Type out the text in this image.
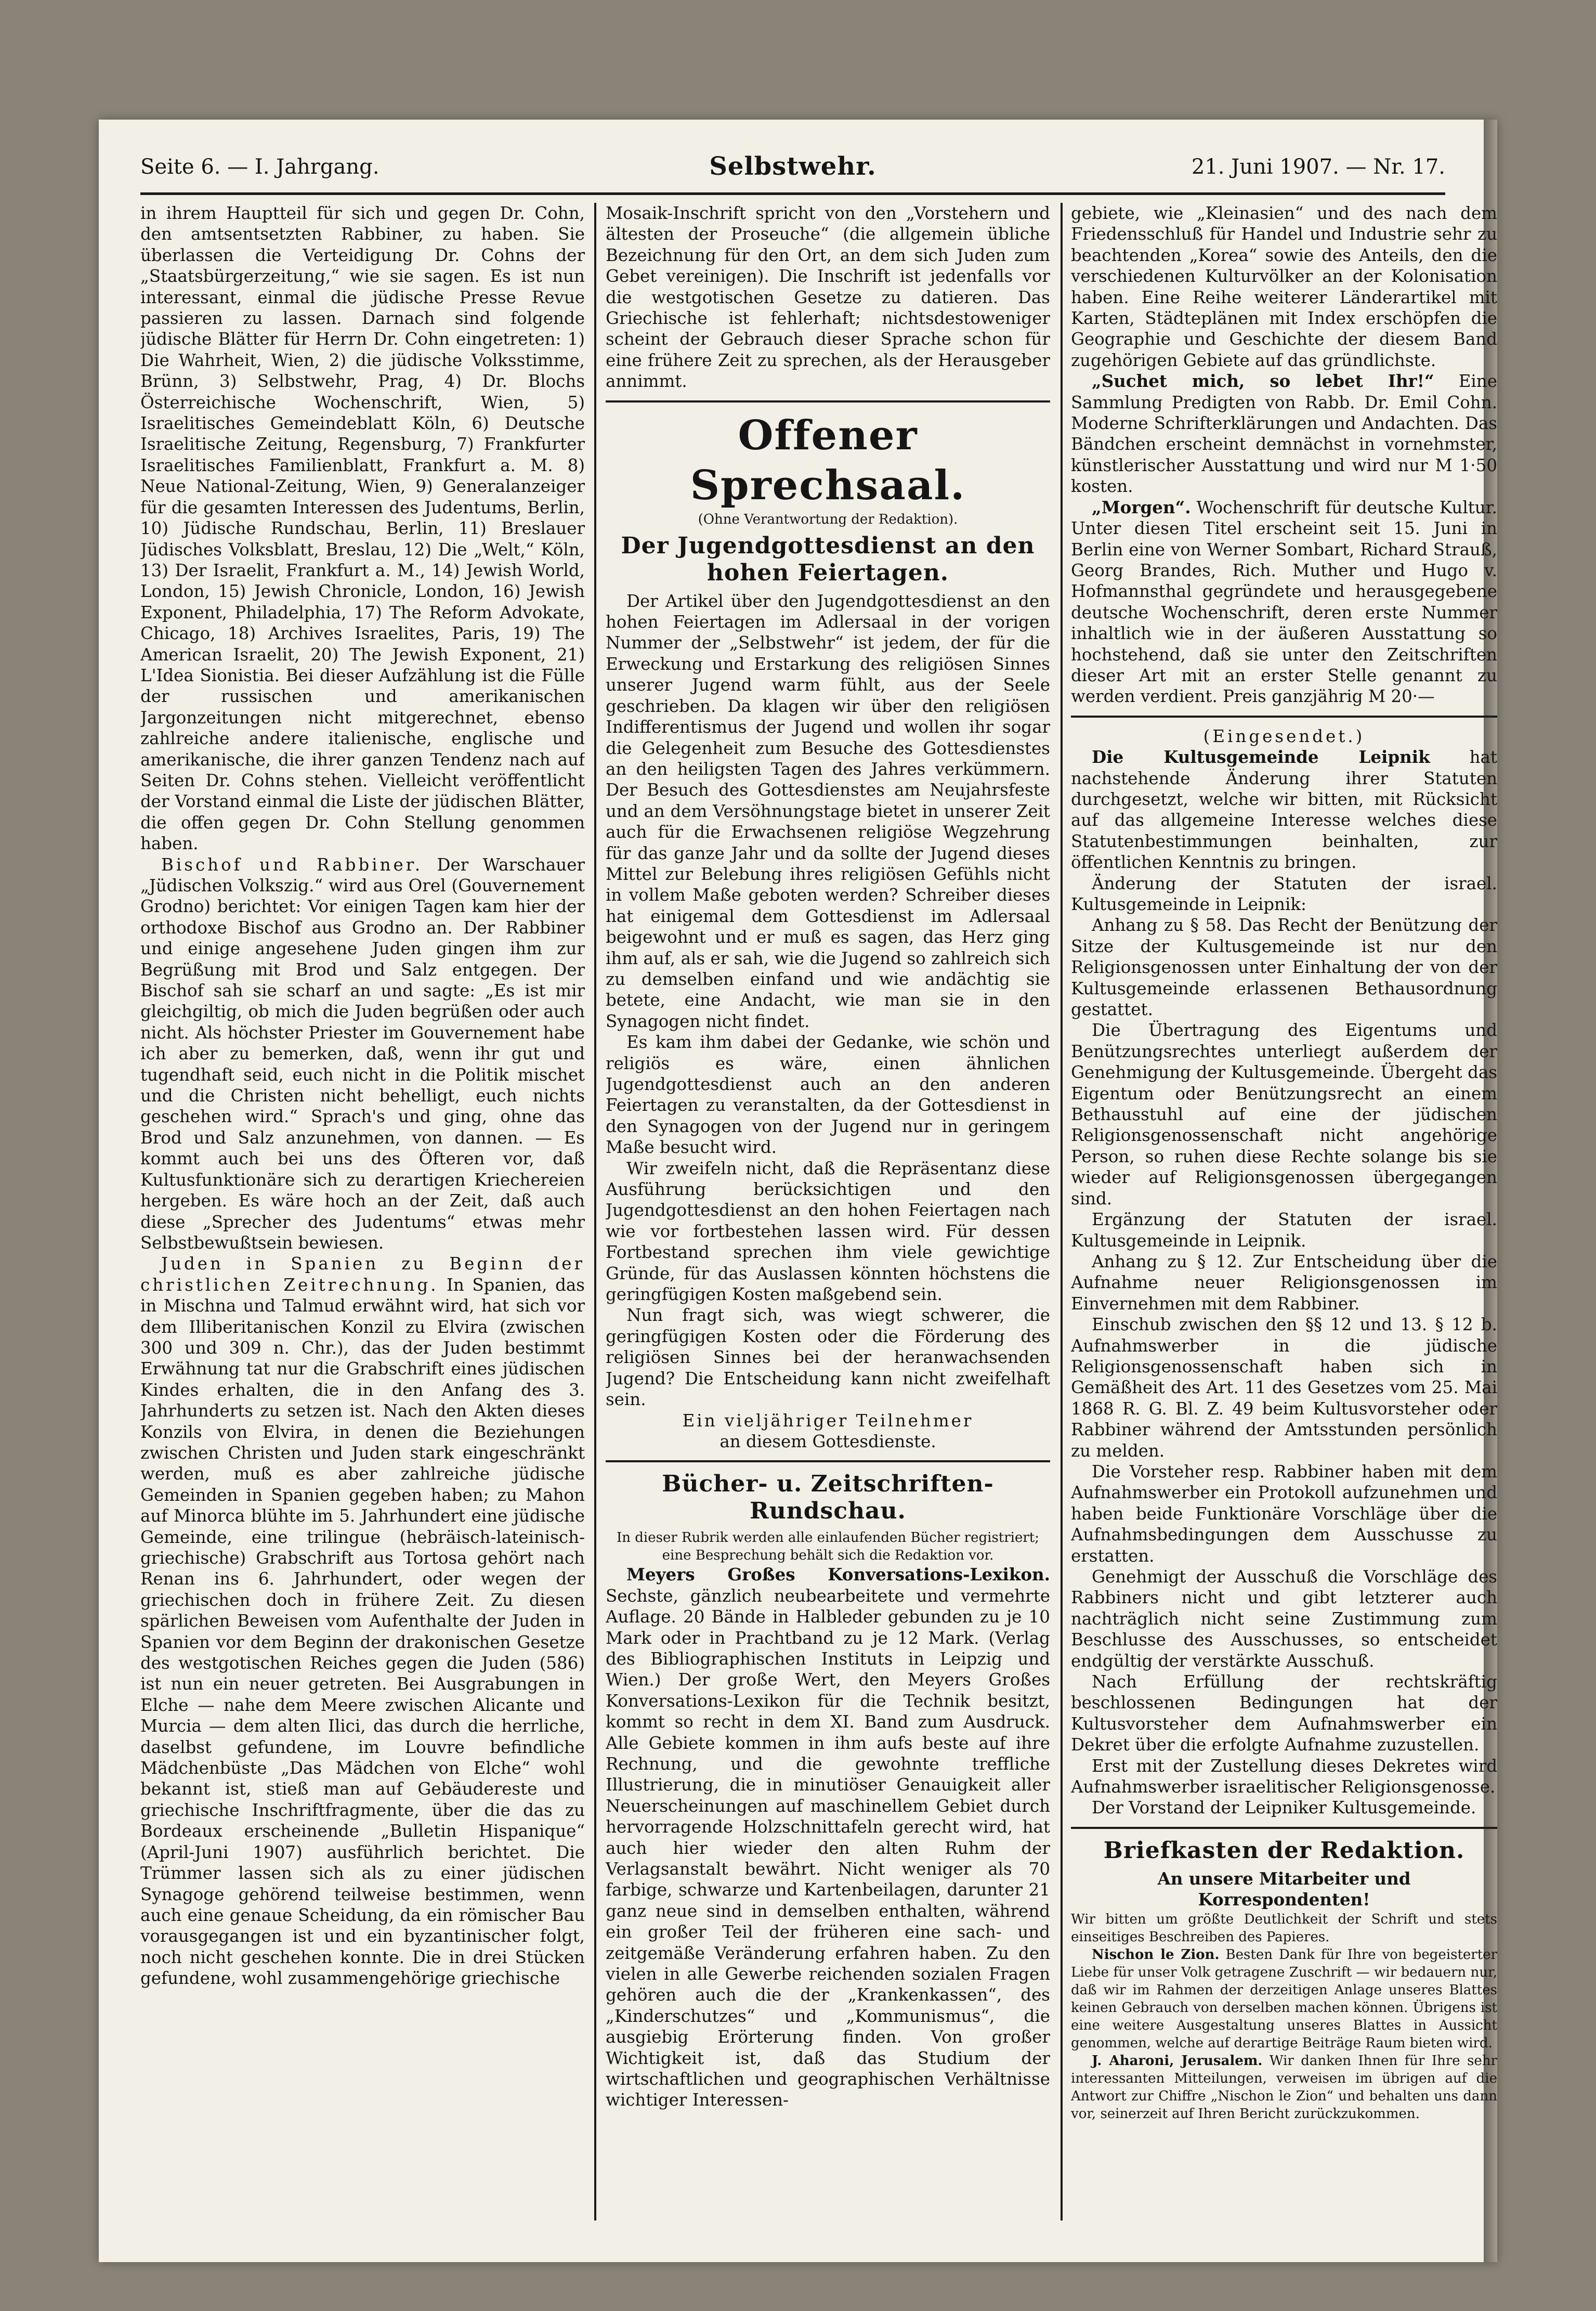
Seite 6. — I. Jahrgang.	Selbstwehr.	21. Juni 1907. — Nr. 17.

in ihrem Hauptteil für sich und gegen Dr. Cohn, den amtsentsetzten Rabbiner, zu haben. Sie überlassen die Verteidigung Dr. Cohns der „Staatsbürgerzeitung,“ wie sie sagen. Es ist nun interessant, einmal die jüdische Presse Revue passieren zu lassen. Darnach sind folgende jüdische Blätter für Herrn Dr. Cohn eingetreten: 1) Die Wahrheit, Wien, 2) die jüdische Volksstimme, Brünn, 3) Selbstwehr, Prag, 4) Dr. Blochs Österreichische Wochenschrift, Wien, 5) Israelitisches Gemeindeblatt Köln, 6) Deutsche Israelitische Zeitung, Regensburg, 7) Frankfurter Israelitisches Familienblatt, Frankfurt a. M. 8) Neue National-Zeitung, Wien, 9) Generalanzeiger für die gesamten Interessen des Judentums, Berlin, 10) Jüdische Rundschau, Berlin, 11) Breslauer Jüdisches Volksblatt, Breslau, 12) Die „Welt,“ Köln, 13) Der Israelit, Frankfurt a. M., 14) Jewish World, London, 15) Jewish Chronicle, London, 16) Jewish Exponent, Philadelphia, 17) The Reform Advokate, Chicago, 18) Archives Israelites, Paris, 19) The American Israelit, 20) The Jewish Exponent, 21) L'Idea Sionistia. Bei dieser Aufzählung ist die Fülle der russischen und amerikanischen Jargonzeitungen nicht mitgerechnet, ebenso zahlreiche andere italienische, englische und amerikanische, die ihrer ganzen Tendenz nach auf Seiten Dr. Cohns stehen. Vielleicht veröffentlicht der Vorstand einmal die Liste der jüdischen Blätter, die offen gegen Dr. Cohn Stellung genommen haben.

Bischof und Rabbiner. Der Warschauer „Jüdischen Volkszig.“ wird aus Orel (Gouvernement Grodno) berichtet: Vor einigen Tagen kam hier der orthodoxe Bischof aus Grodno an. Der Rabbiner und einige angesehene Juden gingen ihm zur Begrüßung mit Brod und Salz entgegen. Der Bischof sah sie scharf an und sagte: „Es ist mir gleichgiltig, ob mich die Juden begrüßen oder auch nicht. Als höchster Priester im Gouvernement habe ich aber zu bemerken, daß, wenn ihr gut und tugendhaft seid, euch nicht in die Politik mischet und die Christen nicht behelligt, euch nichts geschehen wird.“ Sprach's und ging, ohne das Brod und Salz anzunehmen, von dannen. — Es kommt auch bei uns des Öfteren vor, daß Kultusfunktionäre sich zu derartigen Kriechereien hergeben. Es wäre hoch an der Zeit, daß auch diese „Sprecher des Judentums“ etwas mehr Selbstbewußtsein bewiesen.

Juden in Spanien zu Beginn der christlichen Zeitrechnung. In Spanien, das in Mischna und Talmud erwähnt wird, hat sich vor dem Illiberitanischen Konzil zu Elvira (zwischen 300 und 309 n. Chr.), das der Juden bestimmt Erwähnung tat nur die Grabschrift eines jüdischen Kindes erhalten, die in den Anfang des 3. Jahrhunderts zu setzen ist. Nach den Akten dieses Konzils von Elvira, in denen die Beziehungen zwischen Christen und Juden stark eingeschränkt werden, muß es aber zahlreiche jüdische Gemeinden in Spanien gegeben haben; zu Mahon auf Minorca blühte im 5. Jahrhundert eine jüdische Gemeinde, eine trilingue (hebräisch-lateinisch-griechische) Grabschrift aus Tortosa gehört nach Renan ins 6. Jahrhundert, oder wegen der griechischen doch in frühere Zeit. Zu diesen spärlichen Beweisen vom Aufenthalte der Juden in Spanien vor dem Beginn der drakonischen Gesetze des westgotischen Reiches gegen die Juden (586) ist nun ein neuer getreten. Bei Ausgrabungen in Elche — nahe dem Meere zwischen Alicante und Murcia — dem alten Ilici, das durch die herrliche, daselbst gefundene, im Louvre befindliche Mädchenbüste „Das Mädchen von Elche“ wohl bekannt ist, stieß man auf Gebäudereste und griechische Inschriftfragmente, über die das zu Bordeaux erscheinende „Bulletin Hispanique“ (April-Juni 1907) ausführlich berichtet. Die Trümmer lassen sich als zu einer jüdischen Synagoge gehörend teilweise bestimmen, wenn auch eine genaue Scheidung, da ein römischer Bau vorausgegangen ist und ein byzantinischer folgt, noch nicht geschehen konnte. Die in drei Stücken gefundene, wohl zusammengehörige griechische

Mosaik-Inschrift spricht von den „Vorstehern und ältesten der Proseuche“ (die allgemein übliche Bezeichnung für den Ort, an dem sich Juden zum Gebet vereinigen). Die Inschrift ist jedenfalls vor die westgotischen Gesetze zu datieren. Das Griechische ist fehlerhaft; nichtsdestoweniger scheint der Gebrauch dieser Sprache schon für eine frühere Zeit zu sprechen, als der Herausgeber annimmt.

Offener Sprechsaal.
(Ohne Verantwortung der Redaktion).
Der Jugendgottesdienst an den hohen Feiertagen.

Der Artikel über den Jugendgottesdienst an den hohen Feiertagen im Adlersaal in der vorigen Nummer der „Selbstwehr“ ist jedem, der für die Erweckung und Erstarkung des religiösen Sinnes unserer Jugend warm fühlt, aus der Seele geschrieben. Da klagen wir über den religiösen Indifferentismus der Jugend und wollen ihr sogar die Gelegenheit zum Besuche des Gottesdienstes an den heiligsten Tagen des Jahres verkümmern. Der Besuch des Gottesdienstes am Neujahrsfeste und an dem Versöhnungstage bietet in unserer Zeit auch für die Erwachsenen religiöse Wegzehrung für das ganze Jahr und da sollte der Jugend dieses Mittel zur Belebung ihres religiösen Gefühls nicht in vollem Maße geboten werden? Schreiber dieses hat einigemal dem Gottesdienst im Adlersaal beigewohnt und er muß es sagen, das Herz ging ihm auf, als er sah, wie die Jugend so zahlreich sich zu demselben einfand und wie andächtig sie betete, eine Andacht, wie man sie in den Synagogen nicht findet.

Es kam ihm dabei der Gedanke, wie schön und religiös es wäre, einen ähnlichen Jugendgottesdienst auch an den anderen Feiertagen zu veranstalten, da der Gottesdienst in den Synagogen von der Jugend nur in geringem Maße besucht wird.

Wir zweifeln nicht, daß die Repräsentanz diese Ausführung berücksichtigen und den Jugendgottesdienst an den hohen Feiertagen nach wie vor fortbestehen lassen wird. Für dessen Fortbestand sprechen ihm viele gewichtige Gründe, für das Auslassen könnten höchstens die geringfügigen Kosten maßgebend sein.

Nun fragt sich, was wiegt schwerer, die geringfügigen Kosten oder die Förderung des religiösen Sinnes bei der heranwachsenden Jugend? Die Entscheidung kann nicht zweifelhaft sein.

Ein vieljähriger Teilnehmer
an diesem Gottesdienste.
Bücher- u. Zeitschriften-Rundschau.
In dieser Rubrik werden alle einlaufenden Bücher registriert; eine Besprechung behält sich die Redaktion vor.

Meyers Großes Konversations-Lexikon. Sechste, gänzlich neubearbeitete und vermehrte Auflage. 20 Bände in Halbleder gebunden zu je 10 Mark oder in Prachtband zu je 12 Mark. (Verlag des Bibliographischen Instituts in Leipzig und Wien.) Der große Wert, den Meyers Großes Konversations-Lexikon für die Technik besitzt, kommt so recht in dem XI. Band zum Ausdruck. Alle Gebiete kommen in ihm aufs beste auf ihre Rechnung, und die gewohnte treffliche Illustrierung, die in minutiöser Genauigkeit aller Neuerscheinungen auf maschinellem Gebiet durch hervorragende Holzschnittafeln gerecht wird, hat auch hier wieder den alten Ruhm der Verlagsanstalt bewährt. Nicht weniger als 70 farbige, schwarze und Kartenbeilagen, darunter 21 ganz neue sind in demselben enthalten, während ein großer Teil der früheren eine sach- und zeitgemäße Veränderung erfahren haben. Zu den vielen in alle Gewerbe reichenden sozialen Fragen gehören auch die der „Krankenkassen“, des „Kinderschutzes“ und „Kommunismus“, die ausgiebig Erörterung finden. Von großer Wichtigkeit ist, daß das Studium der wirtschaftlichen und geographischen Verhältnisse wichtiger Interessen-

gebiete, wie „Kleinasien“ und des nach dem Friedensschluß für Handel und Industrie sehr zu beachtenden „Korea“ sowie des Anteils, den die verschiedenen Kulturvölker an der Kolonisation haben. Eine Reihe weiterer Länderartikel mit Karten, Städteplänen mit Index erschöpfen die Geographie und Geschichte der diesem Band zugehörigen Gebiete auf das gründlichste.

„Suchet mich, so lebet Ihr!“ Eine Sammlung Predigten von Rabb. Dr. Emil Cohn. Moderne Schrifterklärungen und Andachten. Das Bändchen erscheint demnächst in vornehmster, künstlerischer Ausstattung und wird nur M 1·50 kosten.

„Morgen“. Wochenschrift für deutsche Kultur. Unter diesen Titel erscheint seit 15. Juni in Berlin eine von Werner Sombart, Richard Strauß, Georg Brandes, Rich. Muther und Hugo v. Hofmannsthal gegründete und herausgegebene deutsche Wochenschrift, deren erste Nummer inhaltlich wie in der äußeren Ausstattung so hochstehend, daß sie unter den Zeitschriften dieser Art mit an erster Stelle genannt zu werden verdient. Preis ganzjährig M 20·—

(Eingesendet.)

Die Kultusgemeinde Leipnik hat nachstehende Änderung ihrer Statuten durchgesetzt, welche wir bitten, mit Rücksicht auf das allgemeine Interesse welches diese Statutenbestimmungen beinhalten, zur öffentlichen Kenntnis zu bringen.

Änderung der Statuten der israel. Kultusgemeinde in Leipnik:

Anhang zu § 58. Das Recht der Benützung der Sitze der Kultusgemeinde ist nur den Religionsgenossen unter Einhaltung der von der Kultusgemeinde erlassenen Bethausordnung gestattet.

Die Übertragung des Eigentums und Benützungsrechtes unterliegt außerdem der Genehmigung der Kultusgemeinde. Übergeht das Eigentum oder Benützungsrecht an einem Bethausstuhl auf eine der jüdischen Religionsgenossenschaft nicht angehörige Person, so ruhen diese Rechte solange bis sie wieder auf Religionsgenossen übergegangen sind.

Ergänzung der Statuten der israel. Kultusgemeinde in Leipnik.

Anhang zu § 12. Zur Entscheidung über die Aufnahme neuer Religionsgenossen im Einvernehmen mit dem Rabbiner.

Einschub zwischen den §§ 12 und 13. § 12 b. Aufnahmswerber in die jüdische Religionsgenossenschaft haben sich in Gemäßheit des Art. 11 des Gesetzes vom 25. Mai 1868 R. G. Bl. Z. 49 beim Kultusvorsteher oder Rabbiner während der Amtsstunden persönlich zu melden.

Die Vorsteher resp. Rabbiner haben mit dem Aufnahmswerber ein Protokoll aufzunehmen und haben beide Funktionäre Vorschläge über die Aufnahmsbedingungen dem Ausschusse zu erstatten.

Genehmigt der Ausschuß die Vorschläge des Rabbiners nicht und gibt letzterer auch nachträglich nicht seine Zustimmung zum Beschlusse des Ausschusses, so entscheidet endgültig der verstärkte Ausschuß.

Nach Erfüllung der rechtskräftig beschlossenen Bedingungen hat der Kultusvorsteher dem Aufnahmswerber ein Dekret über die erfolgte Aufnahme zuzustellen.

Erst mit der Zustellung dieses Dekretes wird Aufnahmswerber israelitischer Religionsgenosse.

Der Vorstand der Leipniker Kultusgemeinde.

Briefkasten der Redaktion.
An unsere Mitarbeiter und Korrespondenten!

Wir bitten um größte Deutlichkeit der Schrift und stets einseitiges Beschreiben des Papieres.

Nischon le Zion. Besten Dank für Ihre von begeisterter Liebe für unser Volk getragene Zuschrift — wir bedauern nur, daß wir im Rahmen der derzeitigen Anlage unseres Blattes keinen Gebrauch von derselben machen können. Übrigens ist eine weitere Ausgestaltung unseres Blattes in Aussicht genommen, welche auf derartige Beiträge Raum bieten wird.

J. Aharoni, Jerusalem. Wir danken Ihnen für Ihre sehr interessanten Mitteilungen, verweisen im übrigen auf die Antwort zur Chiffre „Nischon le Zion“ und behalten uns dann vor, seinerzeit auf Ihren Bericht zurückzukommen.
